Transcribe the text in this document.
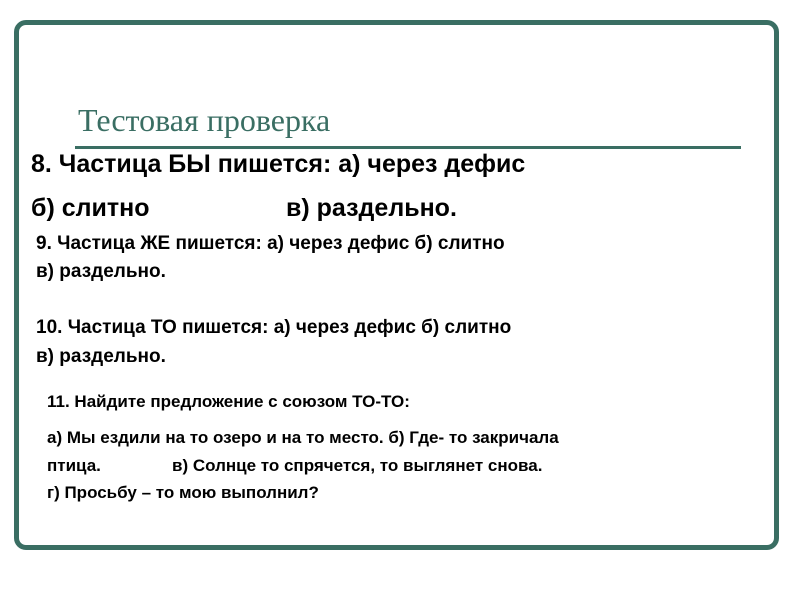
Тестовая проверка
8. Частица БЫ пишется: а) через дефис
б) слитно	в) раздельно.
9. Частица ЖЕ пишется: а) через дефис б) слитно
в) раздельно.
10. Частица ТО пишется: а) через дефис б) слитно
в) раздельно.
11. Найдите предложение с союзом ТО-ТО:
а) Мы ездили на то озеро и на то место. б) Где- то закричала
птица.	в) Солнце то спрячется, то выглянет снова.
г) Просьбу – то мою выполнил?
